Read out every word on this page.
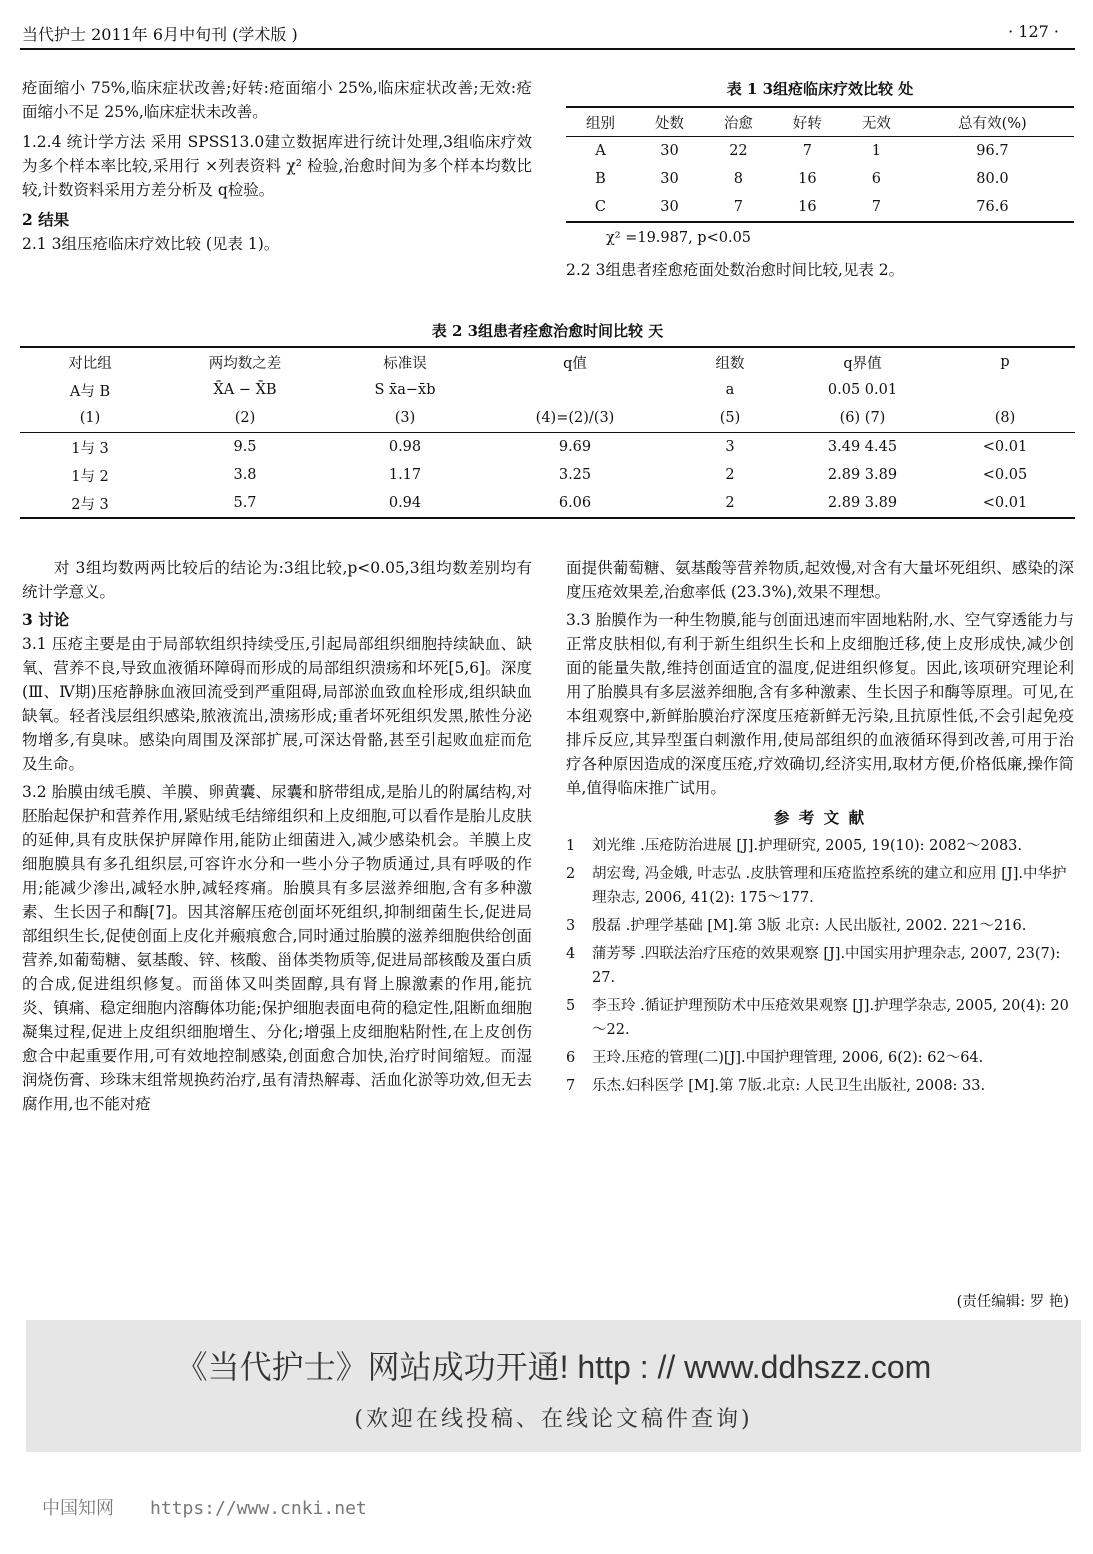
当代护士 2011年 6月中旬刊 (学术版 )	· 127 ·

疮面缩小 75%,临床症状改善;好转:疮面缩小 25%,临床症状改善;无效:疮面缩小不足 25%,临床症状未改善。

1.2.4 统计学方法 采用 SPSS13.0建立数据库进行统计处理,3组临床疗效为多个样本率比较,采用行 ×列表资料 χ² 检验,治愈时间为多个样本均数比较,计数资料采用方差分析及 q检验。

2 结果

2.1 3组压疮临床疗效比较 (见表 1)。

表 1 3组疮临床疗效比较 处
组别	处数	治愈	好转	无效	总有效(%)
A	30	22	7	1	96.7
B	30	8	16	6	80.0
C	30	7	16	7	76.6
χ² =19.987, p<0.05
2.2 3组患者痊愈疮面处数治愈时间比较,见表 2。
表 2 3组患者痊愈治愈时间比较 天
对比组	两均数之差	标准误	q值	组数	q界值	p
A与 B	X̄A − X̄B	S x̄a−x̄b		a	0.05 0.01	
(1)	(2)	(3)	(4)=(2)/(3)	(5)	(6) (7)	(8)
1与 3	9.5	0.98	9.69	3	3.49 4.45	<0.01
1与 2	3.8	1.17	3.25	2	2.89 3.89	<0.05
2与 3	5.7	0.94	6.06	2	2.89 3.89	<0.01

对 3组均数两两比较后的结论为:3组比较,p<0.05,3组均数差别均有统计学意义。

3 讨论

3.1 压疮主要是由于局部软组织持续受压,引起局部组织细胞持续缺血、缺氧、营养不良,导致血液循环障碍而形成的局部组织溃疡和坏死[5,6]。深度(Ⅲ、Ⅳ期)压疮静脉血液回流受到严重阻碍,局部淤血致血栓形成,组织缺血缺氧。轻者浅层组织感染,脓液流出,溃疡形成;重者坏死组织发黑,脓性分泌物增多,有臭味。感染向周围及深部扩展,可深达骨骼,甚至引起败血症而危及生命。

3.2 胎膜由绒毛膜、羊膜、卵黄囊、尿囊和脐带组成,是胎儿的附属结构,对胚胎起保护和营养作用,紧贴绒毛结缔组织和上皮细胞,可以看作是胎儿皮肤的延伸,具有皮肤保护屏障作用,能防止细菌进入,减少感染机会。羊膜上皮细胞膜具有多孔组织层,可容许水分和一些小分子物质通过,具有呼吸的作用;能减少渗出,减轻水肿,减轻疼痛。胎膜具有多层滋养细胞,含有多种激素、生长因子和酶[7]。因其溶解压疮创面坏死组织,抑制细菌生长,促进局部组织生长,促使创面上皮化并瘢痕愈合,同时通过胎膜的滋养细胞供给创面营养,如葡萄糖、氨基酸、锌、核酸、甾体类物质等,促进局部核酸及蛋白质的合成,促进组织修复。而甾体又叫类固醇,具有肾上腺激素的作用,能抗炎、镇痛、稳定细胞内溶酶体功能;保护细胞表面电荷的稳定性,阻断血细胞凝集过程,促进上皮组织细胞增生、分化;增强上皮细胞粘附性,在上皮创伤愈合中起重要作用,可有效地控制感染,创面愈合加快,治疗时间缩短。而湿润烧伤膏、珍珠末组常规换药治疗,虽有清热解毒、活血化淤等功效,但无去腐作用,也不能对疮

面提供葡萄糖、氨基酸等营养物质,起效慢,对含有大量坏死组织、感染的深度压疮效果差,治愈率低 (23.3%),效果不理想。

3.3 胎膜作为一种生物膜,能与创面迅速而牢固地粘附,水、空气穿透能力与正常皮肤相似,有利于新生组织生长和上皮细胞迁移,使上皮形成快,减少创面的能量失散,维持创面适宜的温度,促进组织修复。因此,该项研究理论利用了胎膜具有多层滋养细胞,含有多种激素、生长因子和酶等原理。可见,在本组观察中,新鲜胎膜治疗深度压疮新鲜无污染,且抗原性低,不会引起免疫排斥反应,其异型蛋白刺激作用,使局部组织的血液循环得到改善,可用于治疗各种原因造成的深度压疮,疗效确切,经济实用,取材方便,价格低廉,操作简单,值得临床推广试用。

参 考 文 献
1	刘光维 .压疮防治进展 [J].护理研究, 2005, 19(10): 2082～2083.
2	胡宏鸯, 冯金娥, 叶志弘 .皮肤管理和压疮监控系统的建立和应用 [J].中华护理杂志, 2006, 41(2): 175～177.
3	殷磊 .护理学基础 [M].第 3版 北京: 人民出版社, 2002. 221～216.
4	蒲芳琴 .四联法治疗压疮的效果观察 [J].中国实用护理杂志, 2007, 23(7): 27.
5	李玉玲 .循证护理预防术中压疮效果观察 [J].护理学杂志, 2005, 20(4): 20～22.
6	王玲.压疮的管理(二)[J].中国护理管理, 2006, 6(2): 62～64.
7	乐杰.妇科医学 [M].第 7版.北京: 人民卫生出版社, 2008: 33.
(责任编辑: 罗 艳)
《当代护士》网站成功开通! http : // www.ddhszz.com
(欢迎在线投稿、在线论文稿件查询)
中国知网 https://www.cnki.net
